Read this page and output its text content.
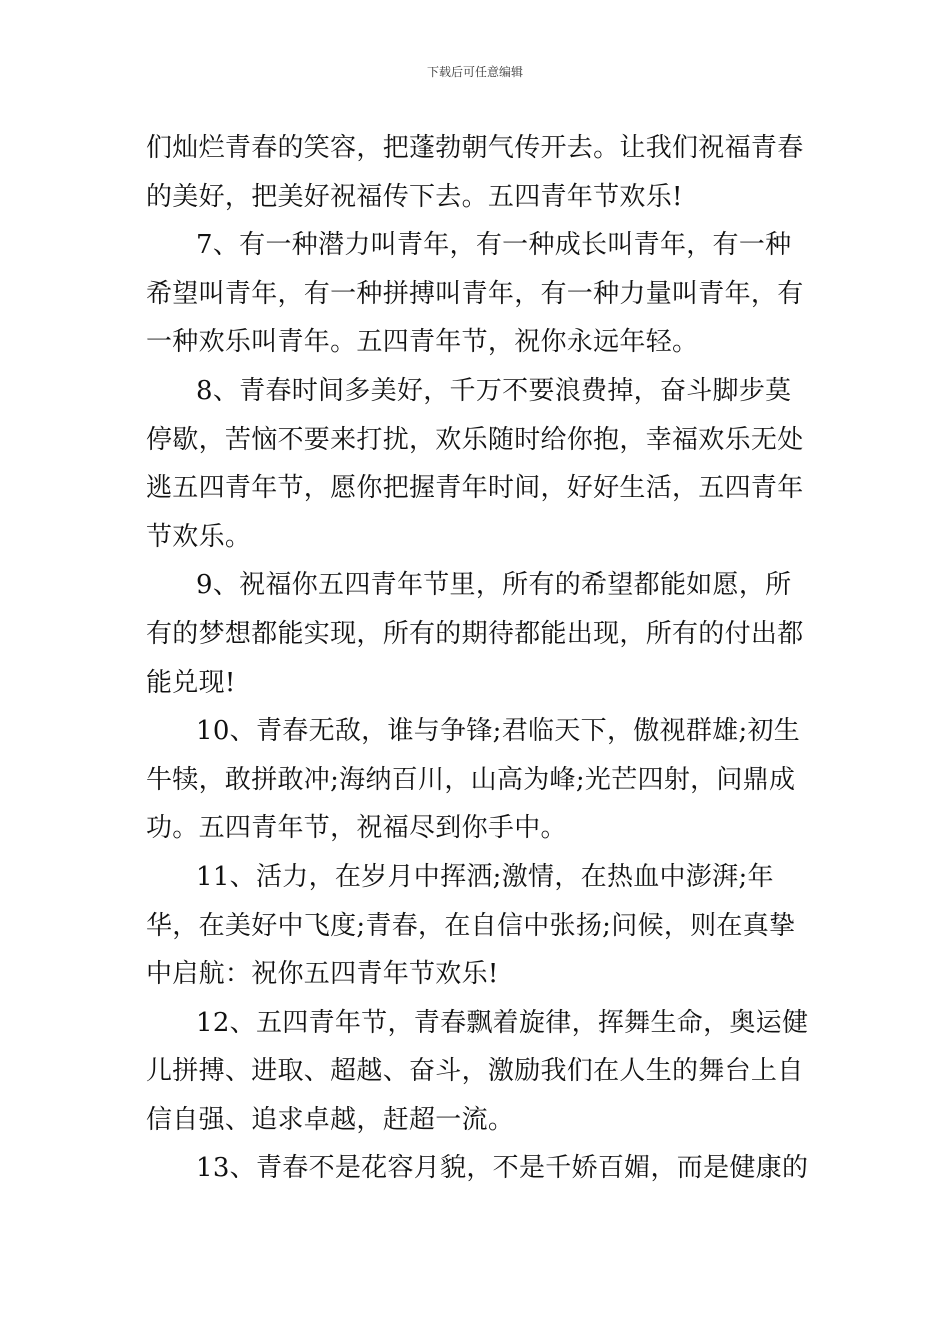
下载后可任意编辑

们灿烂青春的笑容，把蓬勃朝气传开去。让我们祝福青春的美好，把美好祝福传下去。五四青年节欢乐!

7、有一种潜力叫青年，有一种成长叫青年，有一种希望叫青年，有一种拼搏叫青年，有一种力量叫青年，有一种欢乐叫青年。五四青年节，祝你永远年轻。

8、青春时间多美好，千万不要浪费掉，奋斗脚步莫停歇，苦恼不要来打扰，欢乐随时给你抱，幸福欢乐无处逃五四青年节，愿你把握青年时间，好好生活，五四青年节欢乐。

9、祝福你五四青年节里，所有的希望都能如愿，所有的梦想都能实现，所有的期待都能出现，所有的付出都能兑现!

10、青春无敌，谁与争锋;君临天下，傲视群雄;初生牛犊，敢拼敢冲;海纳百川，山高为峰;光芒四射，问鼎成功。五四青年节，祝福尽到你手中。

11、活力，在岁月中挥洒;激情，在热血中澎湃;年华，在美好中飞度;青春，在自信中张扬;问候，则在真挚中启航：祝你五四青年节欢乐!

12、五四青年节，青春飘着旋律，挥舞生命，奥运健儿拼搏、进取、超越、奋斗，激励我们在人生的舞台上自信自强、追求卓越，赶超一流。

13、青春不是花容月貌，不是千娇百媚，而是健康的
